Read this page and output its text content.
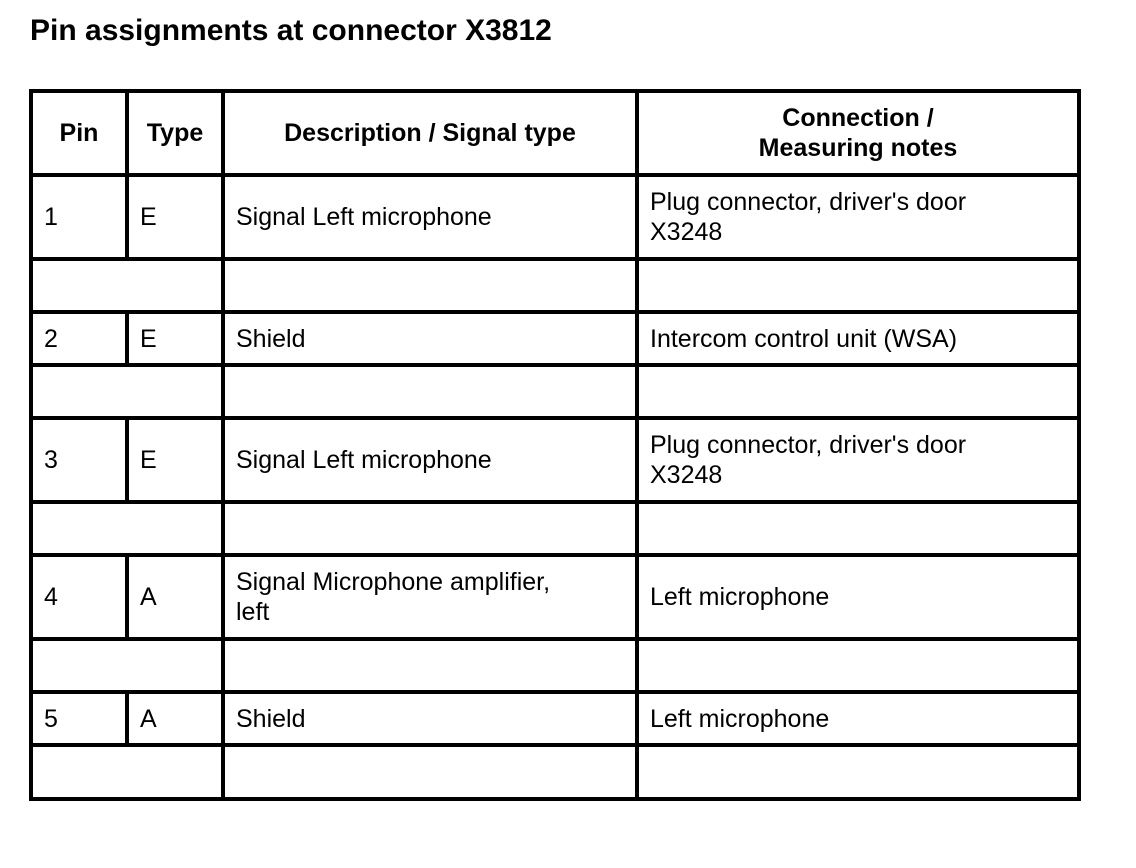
Pin assignments at connector X3812
Pin	Type	Description / Signal type	Connection /
Measuring notes

1	E	Signal Left microphone	Plug connector, driver's door
X3248

2	E	Shield	Intercom control unit (WSA)

3	E	Signal Left microphone	Plug connector, driver's door
X3248

4	A	Signal Microphone amplifier,
left	Left microphone

5	A	Shield	Left microphone
